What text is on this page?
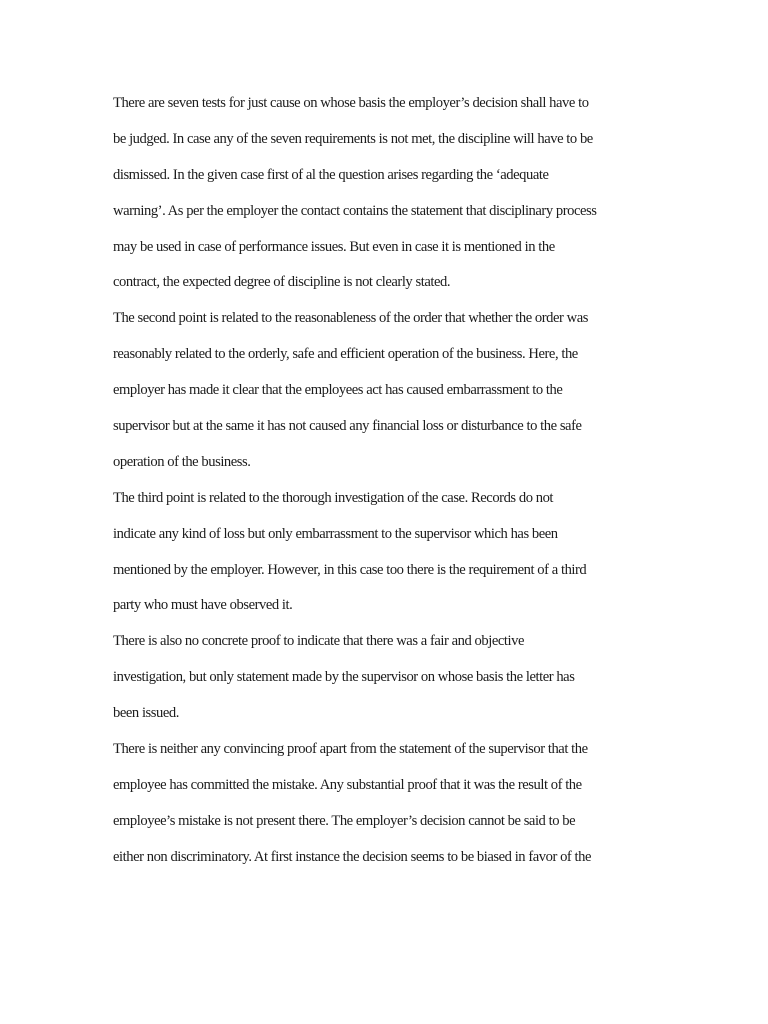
There are seven tests for just cause on whose basis the employer’s decision shall have to
be judged. In case any of the seven requirements is not met, the discipline will have to be
dismissed. In the given case first of al the question arises regarding the ‘adequate
warning’. As per the employer the contact contains the statement that disciplinary process
may be used in case of performance issues. But even in case it is mentioned in the
contract, the expected degree of discipline is not clearly stated.

The second point is related to the reasonableness of the order that whether the order was
reasonably related to the orderly, safe and efficient operation of the business. Here, the
employer has made it clear that the employees act has caused embarrassment to the
supervisor but at the same it has not caused any financial loss or disturbance to the safe
operation of the business.

The third point is related to the thorough investigation of the case. Records do not
indicate any kind of loss but only embarrassment to the supervisor which has been
mentioned by the employer. However, in this case too there is the requirement of a third
party who must have observed it.

There is also no concrete proof to indicate that there was a fair and objective
investigation, but only statement made by the supervisor on whose basis the letter has
been issued.

There is neither any convincing proof apart from the statement of the supervisor that the
employee has committed the mistake. Any substantial proof that it was the result of the
employee’s mistake is not present there. The employer’s decision cannot be said to be
either non discriminatory. At first instance the decision seems to be biased in favor of the
